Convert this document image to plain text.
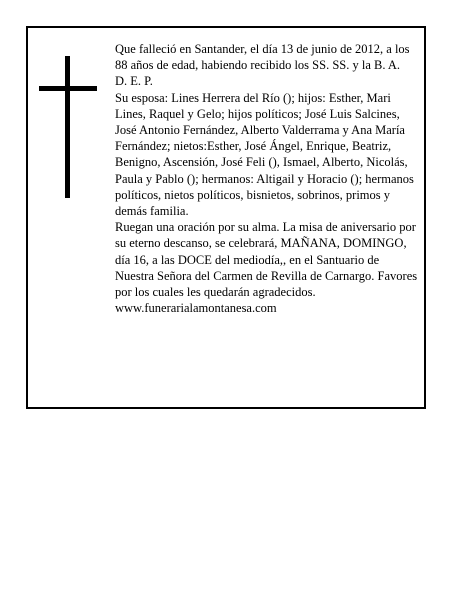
Que falleció en Santander, el día 13 de junio de 2012, a los 88 años de edad, habiendo recibido los SS. SS. y la B. A.

D. E. P.

Su esposa: Lines Herrera del Río (); hijos: Esther, Mari Lines, Raquel y Gelo; hijos políticos; José Luis Salcines, José Antonio Fernández, Alberto Valderrama y Ana María Fernández; nietos:Esther, José Ángel, Enrique, Beatriz, Benigno, Ascensión, José Feli (), Ismael, Alberto, Nicolás, Paula y Pablo (); hermanos: Altigail y Horacio (); hermanos políticos, nietos políticos, bisnietos, sobrinos, primos y demás familia.

Ruegan una oración por su alma. La misa de aniversario por su eterno descanso, se celebrará, MAÑANA, DOMINGO, día 16, a las DOCE del mediodía,, en el Santuario de Nuestra Señora del Carmen de Revilla de Carnargo. Favores por los cuales les quedarán agradecidos.

www.funerarialamontanesa.com
